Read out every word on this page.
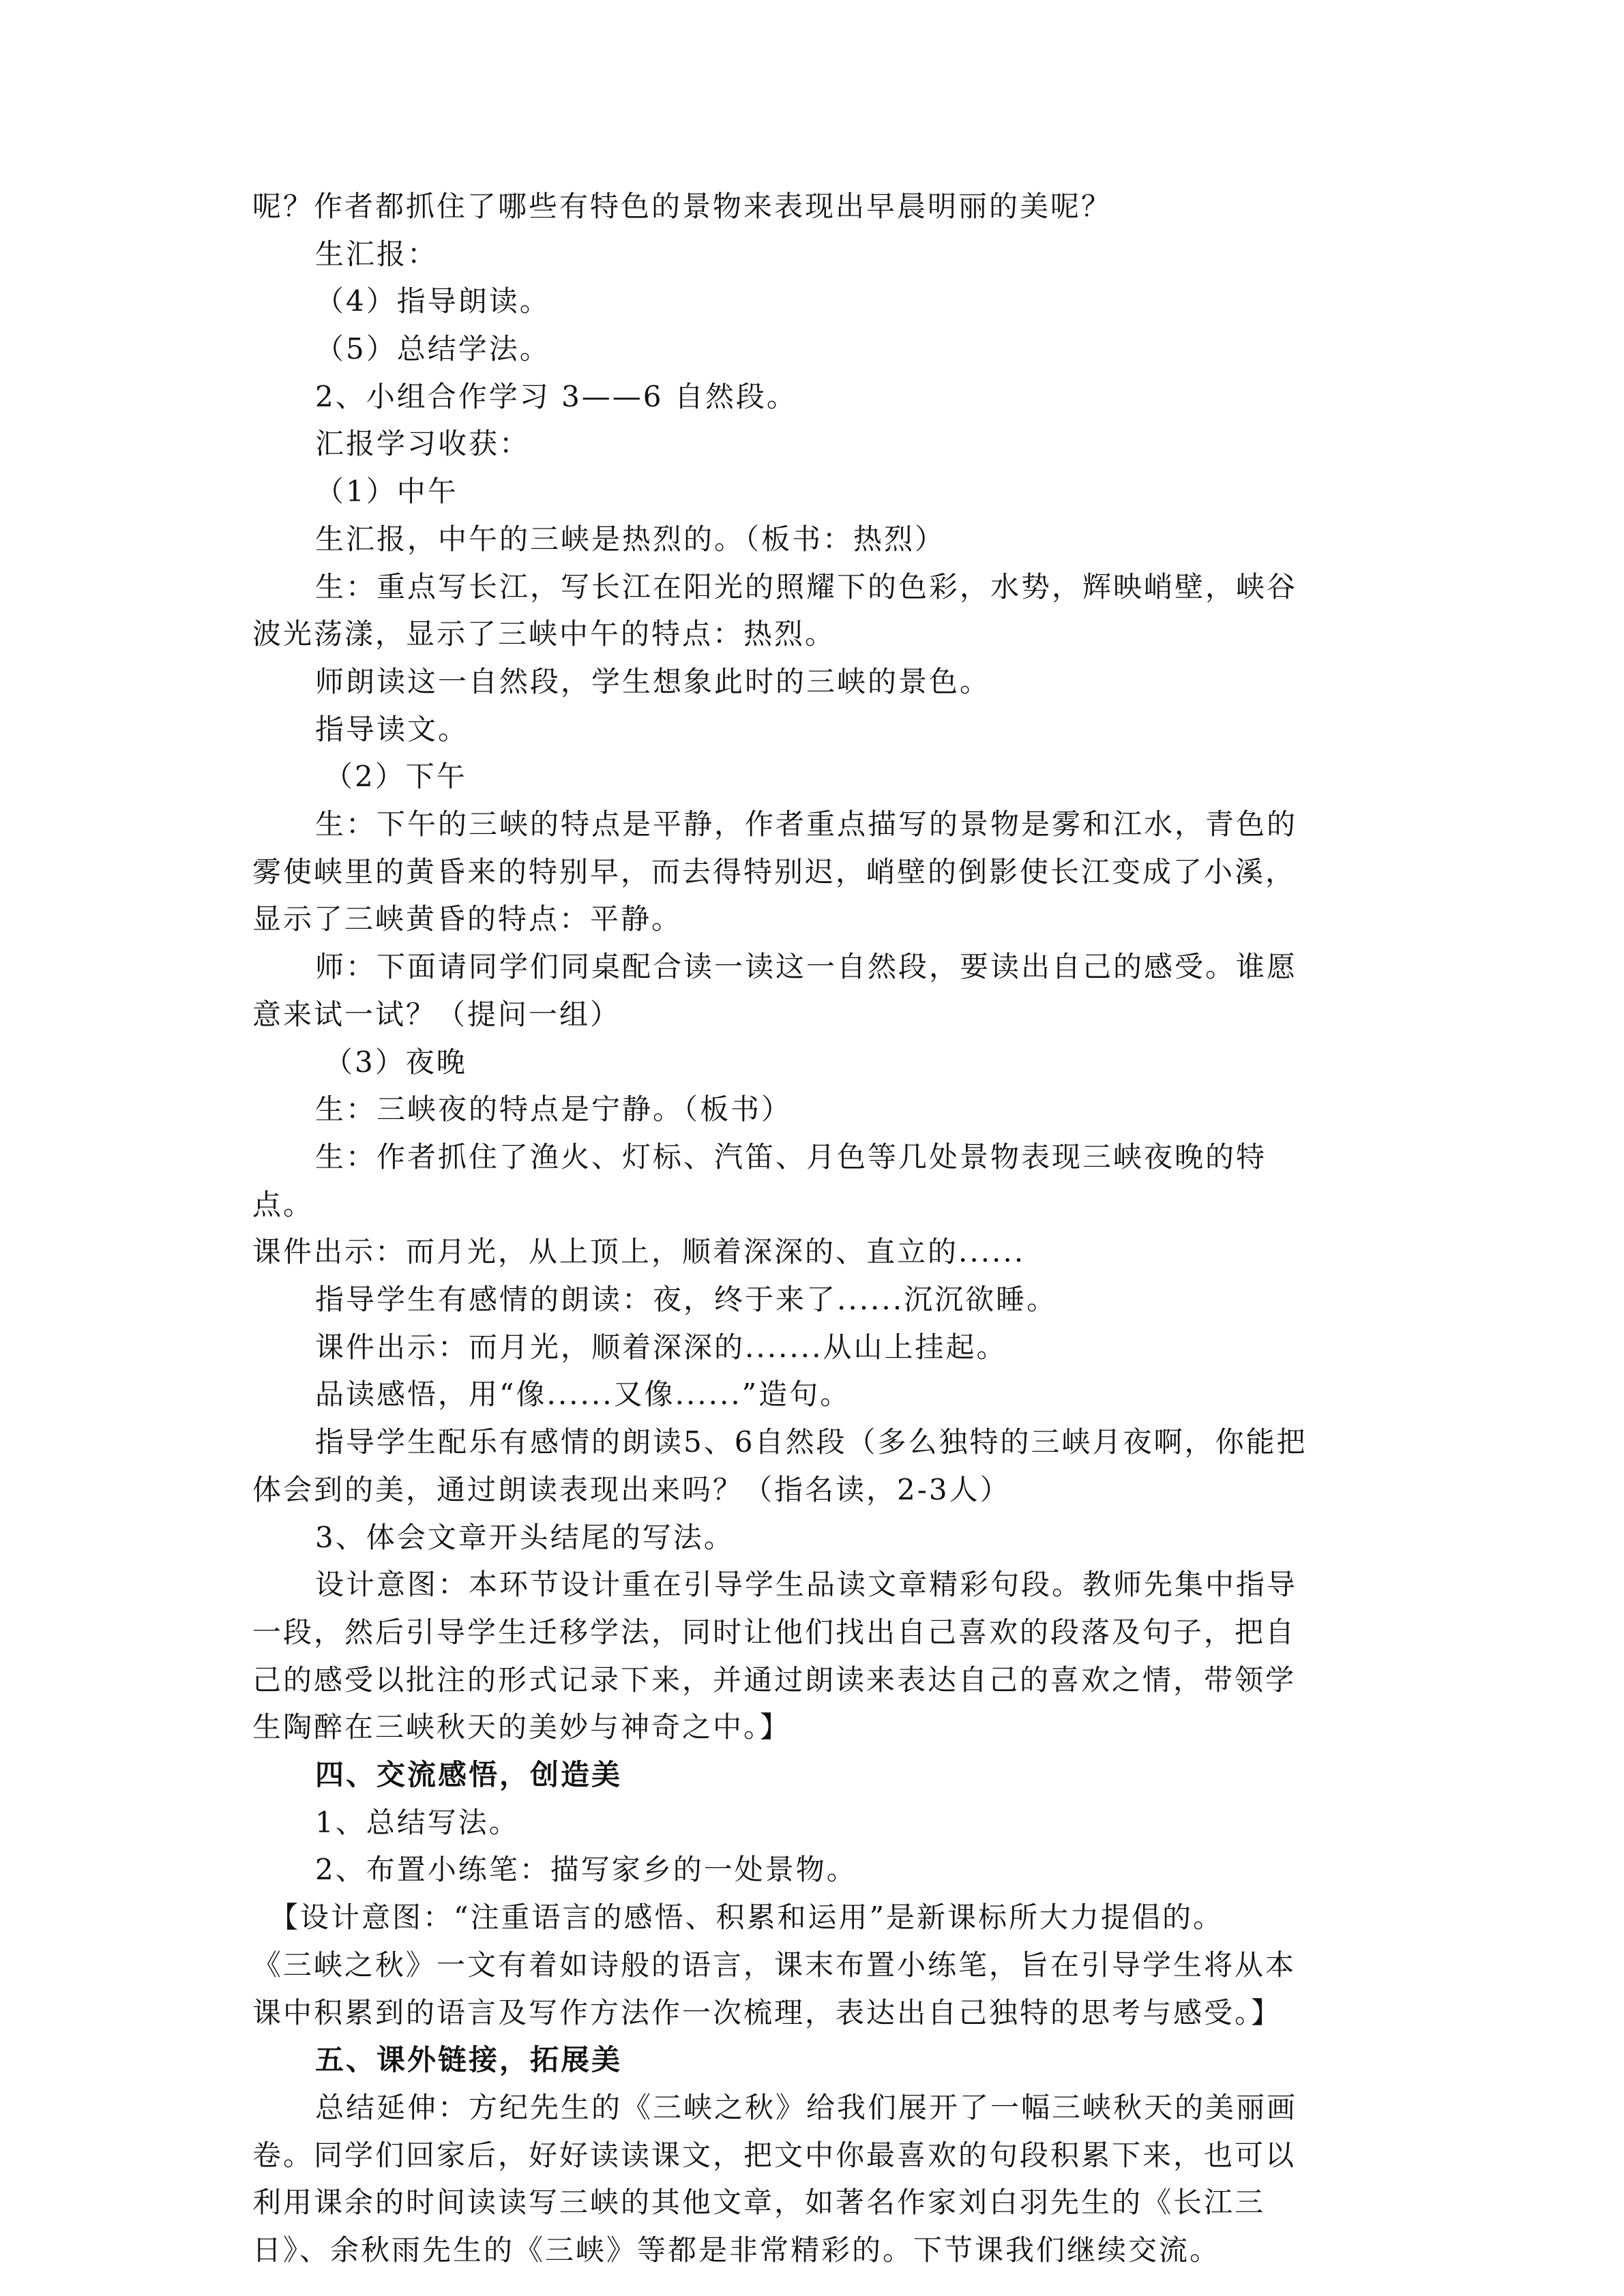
呢？作者都抓住了哪些有特色的景物来表现出早晨明丽的美呢？
生汇报：
（4）指导朗读。
（5）总结学法。
2、小组合作学习 3——6 自然段。
汇报学习收获：
（1）中午
生汇报，中午的三峡是热烈的。（板书：热烈）
生：重点写长江，写长江在阳光的照耀下的色彩，水势，辉映峭壁，峡谷
波光荡漾，显示了三峡中午的特点：热烈。
师朗读这一自然段，学生想象此时的三峡的景色。
指导读文。
（2）下午
生：下午的三峡的特点是平静，作者重点描写的景物是雾和江水，青色的
雾使峡里的黄昏来的特别早，而去得特别迟，峭壁的倒影使长江变成了小溪，
显示了三峡黄昏的特点：平静。
师：下面请同学们同桌配合读一读这一自然段，要读出自己的感受。谁愿
意来试一试？（提问一组）
（3）夜晚
生：三峡夜的特点是宁静。（板书）
生：作者抓住了渔火、灯标、汽笛、月色等几处景物表现三峡夜晚的特
点。
课件出示：而月光，从上顶上，顺着深深的、直立的......
指导学生有感情的朗读：夜，终于来了......沉沉欲睡。
课件出示：而月光，顺着深深的.......从山上挂起。
品读感悟，用“像......又像......”造句。
指导学生配乐有感情的朗读5、6自然段（多么独特的三峡月夜啊，你能把
体会到的美，通过朗读表现出来吗？（指名读，2-3人）
3、体会文章开头结尾的写法。
设计意图：本环节设计重在引导学生品读文章精彩句段。教师先集中指导
一段，然后引导学生迁移学法，同时让他们找出自己喜欢的段落及句子，把自
己的感受以批注的形式记录下来，并通过朗读来表达自己的喜欢之情，带领学
生陶醉在三峡秋天的美妙与神奇之中。】
四、交流感悟，创造美
1、总结写法。
2、布置小练笔：描写家乡的一处景物。
【设计意图：“注重语言的感悟、积累和运用”是新课标所大力提倡的。
《三峡之秋》一文有着如诗般的语言，课末布置小练笔，旨在引导学生将从本
课中积累到的语言及写作方法作一次梳理，表达出自己独特的思考与感受。】
五、课外链接，拓展美
总结延伸：方纪先生的《三峡之秋》给我们展开了一幅三峡秋天的美丽画
卷。同学们回家后，好好读读课文，把文中你最喜欢的句段积累下来，也可以
利用课余的时间读读写三峡的其他文章，如著名作家刘白羽先生的《长江三
日》、余秋雨先生的《三峡》等都是非常精彩的。下节课我们继续交流。
